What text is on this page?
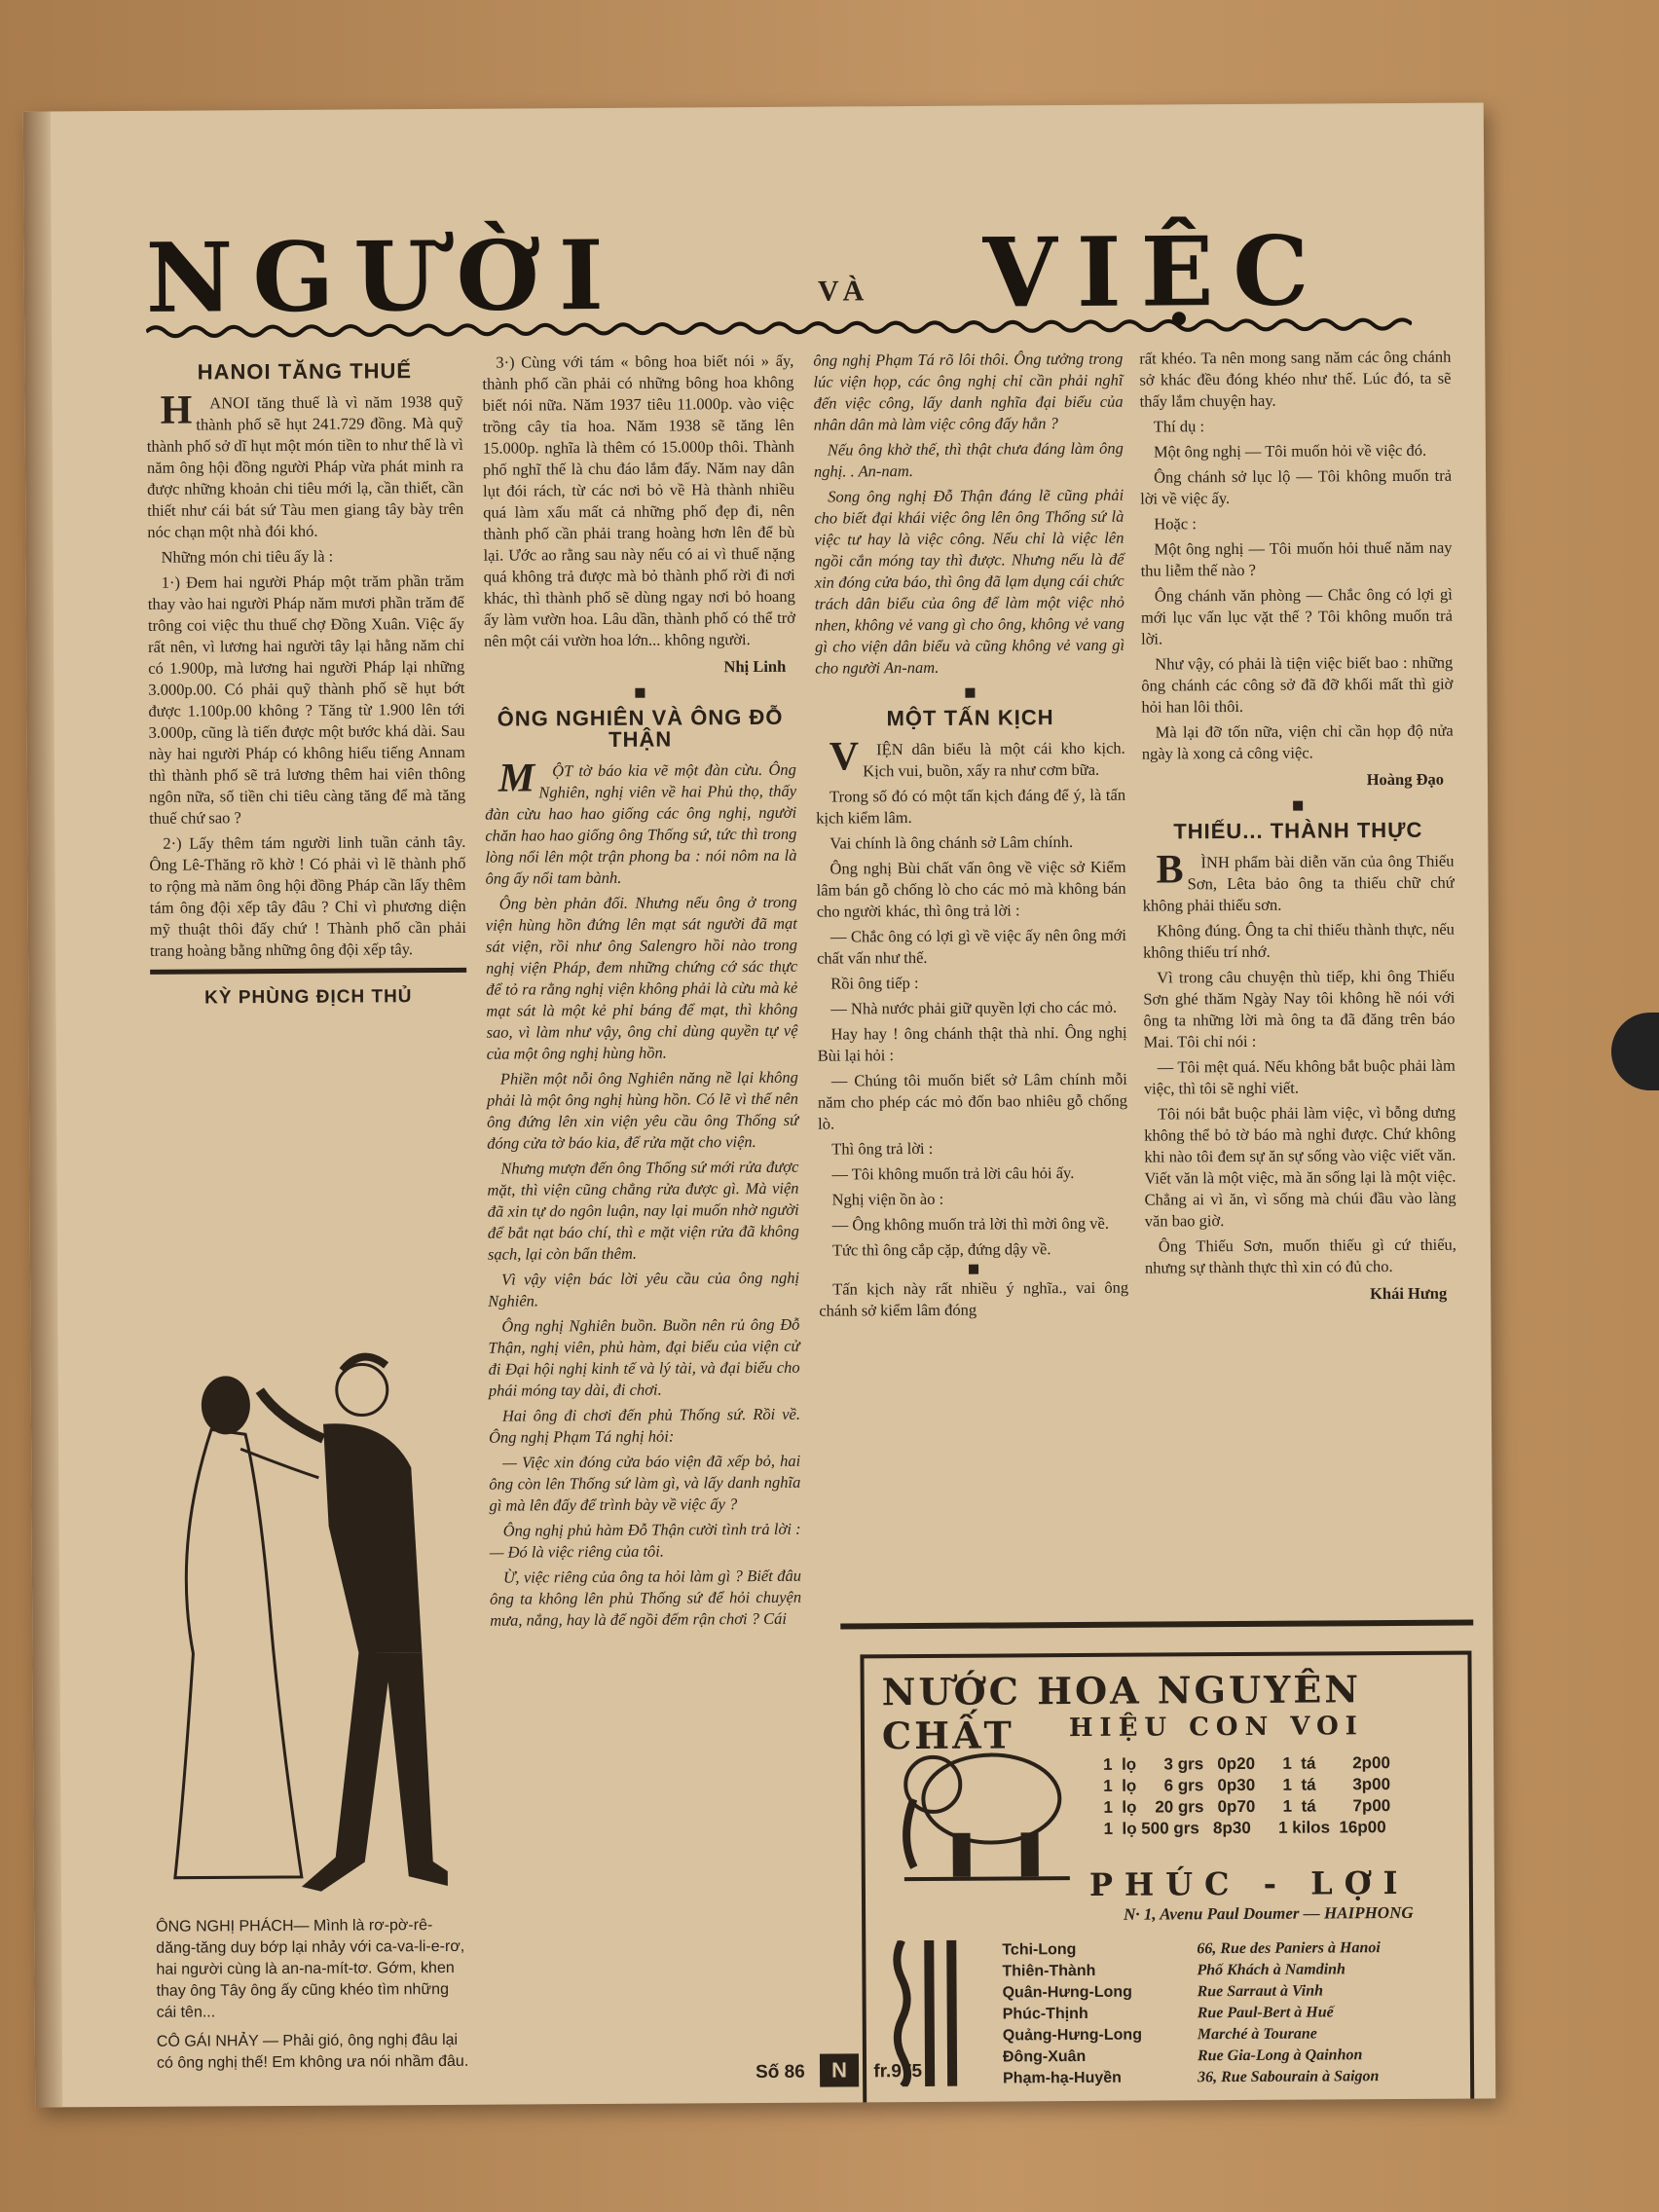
NGƯỜI	VÀ VIỆC
HANOI TĂNG THUẾ

HANOI tăng thuế là vì năm 1938 quỹ thành phố sẽ hụt 241.729 đồng. Mà quỹ thành phố sở dĩ hụt một món tiền to như thế là vì năm ông hội đồng người Pháp vừa phát minh ra được những khoản chi tiêu mới lạ, cần thiết, cần thiết như cái bát sứ Tàu men giang tây bày trên nóc chạn một nhà đói khó.

Những món chi tiêu ấy là :

1·) Đem hai người Pháp một trăm phần trăm thay vào hai người Pháp năm mươi phần trăm để trông coi việc thu thuế chợ Đồng Xuân. Việc ấy rất nên, vì lương hai người tây lại hằng năm chỉ có 1.900p, mà lương hai người Pháp lại những 3.000p.00. Có phải quỹ thành phố sẽ hụt bớt được 1.100p.00 không ? Tăng từ 1.900 lên tới 3.000p, cũng là tiến được một bước khá dài. Sau này hai người Pháp có không hiểu tiếng Annam thì thành phố sẽ trả lương thêm hai viên thông ngôn nữa, số tiền chi tiêu càng tăng để mà tăng thuế chứ sao ?

2·) Lấy thêm tám người linh tuần cảnh tây. Ông Lê-Thăng rõ khờ ! Có phải vì lẽ thành phố to rộng mà năm ông hội đồng Pháp cần lấy thêm tám ông đội xếp tây đâu ? Chỉ vì phương diện mỹ thuật thôi đấy chứ ! Thành phố cần phải trang hoàng bằng những ông đội xếp tây.

KỲ PHÙNG ĐỊCH THỦ

ÔNG NGHỊ PHÁCH— Mình là rơ-pờ-rê-dăng-tăng duy bớp lại nhảy với ca-va-li-e-rơ, hai người cùng là an-na-mít-tơ. Gớm, khen thay ông Tây ông ấy cũng khéo tìm những cái tên...

CÔ GÁI NHẢY — Phải gió, ông nghị đâu lại có ông nghị thế! Em không ưa nói nhầm đâu.

3·) Cùng với tám « bông hoa biết nói » ấy, thành phố cần phải có những bông hoa không biết nói nữa. Năm 1937 tiêu 11.000p. vào việc trồng cây tỉa hoa. Năm 1938 sẽ tăng lên 15.000p. nghĩa là thêm có 15.000p thôi. Thành phố nghĩ thế là chu đáo lắm đấy. Năm nay dân lụt đói rách, từ các nơi bỏ về Hà thành nhiều quá làm xấu mất cả những phố đẹp đi, nên thành phố cần phải trang hoàng hơn lên để bù lại. Ước ao rằng sau này nếu có ai vì thuế nặng quá không trả được mà bỏ thành phố rời đi nơi khác, thì thành phố sẽ dùng ngay nơi bỏ hoang ấy làm vườn hoa. Lâu dần, thành phố có thể trở nên một cái vườn hoa lớn... không người.

Nhị Linh
ÔNG NGHIÊN VÀ ÔNG ĐỖ THẬN

MỘT tờ báo kia vẽ một đàn cừu. Ông Nghiên, nghị viên về hai Phủ thọ, thấy đàn cừu hao hao giống các ông nghị, người chăn hao hao giống ông Thống sứ, tức thì trong lòng nổi lên một trận phong ba : nói nôm na là ông ấy nổi tam bành.

Ông bèn phản đối. Nhưng nếu ông ở trong viện hùng hồn đứng lên mạt sát người đã mạt sát viện, rồi như ông Salengro hồi nào trong nghị viện Pháp, đem những chứng cớ sác thực để tỏ ra rằng nghị viện không phải là cừu mà kẻ mạt sát là một kẻ phỉ báng để mạt, thì không sao, vì làm như vậy, ông chỉ dùng quyền tự vệ của một ông nghị hùng hồn.

Phiền một nỗi ông Nghiên năng nề lại không phải là một ông nghị hùng hồn. Có lẽ vì thế nên ông đứng lên xin viện yêu cầu ông Thống sứ đóng cửa tờ báo kia, để rửa mặt cho viện.

Nhưng mượn đến ông Thống sứ mới rửa được mặt, thì viện cũng chẳng rửa được gì. Mà viện đã xin tự do ngôn luận, nay lại muốn nhờ người để bắt nạt báo chí, thì e mặt viện rửa đã không sạch, lại còn bẩn thêm.

Vì vậy viện bác lời yêu cầu của ông nghị Nghiên.

Ông nghị Nghiên buồn. Buồn nên rủ ông Đỗ Thận, nghị viên, phủ hàm, đại biểu của viện cử đi Đại hội nghị kinh tế và lý tài, và đại biểu cho phái móng tay dài, đi chơi.

Hai ông đi chơi đến phủ Thống sứ. Rồi về. Ông nghị Phạm Tá nghị hỏi:

— Việc xin đóng cửa báo viện đã xếp bỏ, hai ông còn lên Thống sứ làm gì, và lấy danh nghĩa gì mà lên đấy để trình bày về việc ấy ?

Ông nghị phủ hàm Đỗ Thận cười tình trả lời : — Đó là việc riêng của tôi.

Ừ, việc riêng của ông ta hỏi làm gì ? Biết đâu ông ta không lên phủ Thống sứ để hỏi chuyện mưa, nắng, hay là để ngồi đếm rận chơi ? Cái

ông nghị Phạm Tá rõ lôi thôi. Ông tưởng trong lúc viện họp, các ông nghị chỉ cần phải nghĩ đến việc công, lấy danh nghĩa đại biểu của nhân dân mà làm việc công đấy hẳn ?

Nếu ông khờ thế, thì thật chưa đáng làm ông nghị. . An-nam.

Song ông nghị Đỗ Thận đáng lẽ cũng phải cho biết đại khái việc ông lên ông Thống sứ là việc tư hay là việc công. Nếu chỉ là việc lên ngồi cắn móng tay thì được. Nhưng nếu là để xin đóng cửa báo, thì ông đã lạm dụng cái chức trách dân biểu của ông để làm một việc nhỏ nhen, không vẻ vang gì cho ông, không vẻ vang gì cho viện dân biểu và cũng không vẻ vang gì cho người An-nam.

MỘT TẤN KỊCH

VIỆN dân biểu là một cái kho kịch. Kịch vui, buồn, xấy ra như cơm bữa.

Trong số đó có một tấn kịch đáng để ý, là tấn kịch kiểm lâm.

Vai chính là ông chánh sở Lâm chính.

Ông nghị Bùi chất vấn ông về việc sở Kiểm lâm bán gỗ chống lò cho các mỏ mà không bán cho người khác, thì ông trả lời :

— Chắc ông có lợi gì về việc ấy nên ông mới chất vấn như thế.

Rồi ông tiếp :

— Nhà nước phải giữ quyền lợi cho các mỏ.

Hay hay ! ông chánh thật thà nhỉ. Ông nghị Bùi lại hỏi :

— Chúng tôi muốn biết sở Lâm chính mỗi năm cho phép các mỏ đốn bao nhiêu gỗ chống lò.

Thì ông trả lời :

— Tôi không muốn trả lời câu hỏi ấy.

Nghị viện ồn ào :

— Ông không muốn trả lời thì mời ông về.

Tức thì ông cắp cặp, đứng dậy về.

Tấn kịch này rất nhiều ý nghĩa., vai ông chánh sở kiểm lâm đóng

rất khéo. Ta nên mong sang năm các ông chánh sở khác đều đóng khéo như thế. Lúc đó, ta sẽ thấy lắm chuyện hay.

Thí dụ :

Một ông nghị — Tôi muốn hỏi về việc đó.

Ông chánh sở lục lộ — Tôi không muốn trả lời về việc ấy.

Hoặc :

Một ông nghị — Tôi muốn hỏi thuế năm nay thu liễm thế nào ?

Ông chánh văn phòng — Chắc ông có lợi gì mới lục vấn lục vặt thế ? Tôi không muốn trả lời.

Như vậy, có phải là tiện việc biết bao : những ông chánh các công sở đã đỡ khối mất thì giờ hỏi han lôi thôi.

Mà lại đỡ tốn nữa, viện chỉ cần họp độ nửa ngày là xong cả công việc.

Hoàng Đạo
THIẾU... THÀNH THỰC

BÌNH phẩm bài diễn văn của ông Thiếu Sơn, Lêta bảo ông ta thiếu chữ chứ không phải thiếu sơn.

Không đúng. Ông ta chỉ thiếu thành thực, nếu không thiếu trí nhớ.

Vì trong câu chuyện thù tiếp, khi ông Thiếu Sơn ghé thăm Ngày Nay tôi không hề nói với ông ta những lời mà ông ta đã đăng trên báo Mai. Tôi chỉ nói :

— Tôi mệt quá. Nếu không bắt buộc phải làm việc, thì tôi sẽ nghỉ viết.

Tôi nói bắt buộc phải làm việc, vì bỗng dưng không thể bỏ tờ báo mà nghỉ được. Chứ không khi nào tôi đem sự ăn sự sống vào việc viết văn. Viết văn là một việc, mà ăn sống lại là một việc. Chẳng ai vì ăn, vì sống mà chúi đầu vào làng văn bao giờ.

Ông Thiếu Sơn, muốn thiếu gì cứ thiếu, nhưng sự thành thực thì xin có đủ cho.

Khái Hưng
NƯỚC HOA NGUYÊN CHẤT	HIỆU CON VOI
1  lọ      3 grs   0p20      1  tá        2p00
1  lọ      6 grs   0p30      1  tá        3p00
1  lọ    20 grs   0p70      1  tá        7p00
1  lọ 500 grs   8p30      1 kilos  16p00
PHÚC - LỢI
N· 1, Avenu Paul Doumer — HAIPHONG
Tchi-Long
Thiên-Thành
Quân-Hưng-Long
Phúc-Thịnh
Quảng-Hưng-Long
Đông-Xuân
Phạm-hạ-Huyền
66, Rue des Paniers à Hanoi
Phố Khách à Namdinh
Rue Sarraut à Vinh
Rue Paul-Bert à Huế
Marché à Tourane
Rue Gia-Long à Qainhon
36, Rue Sabourain à Saigon
Số 86 N fr.975
